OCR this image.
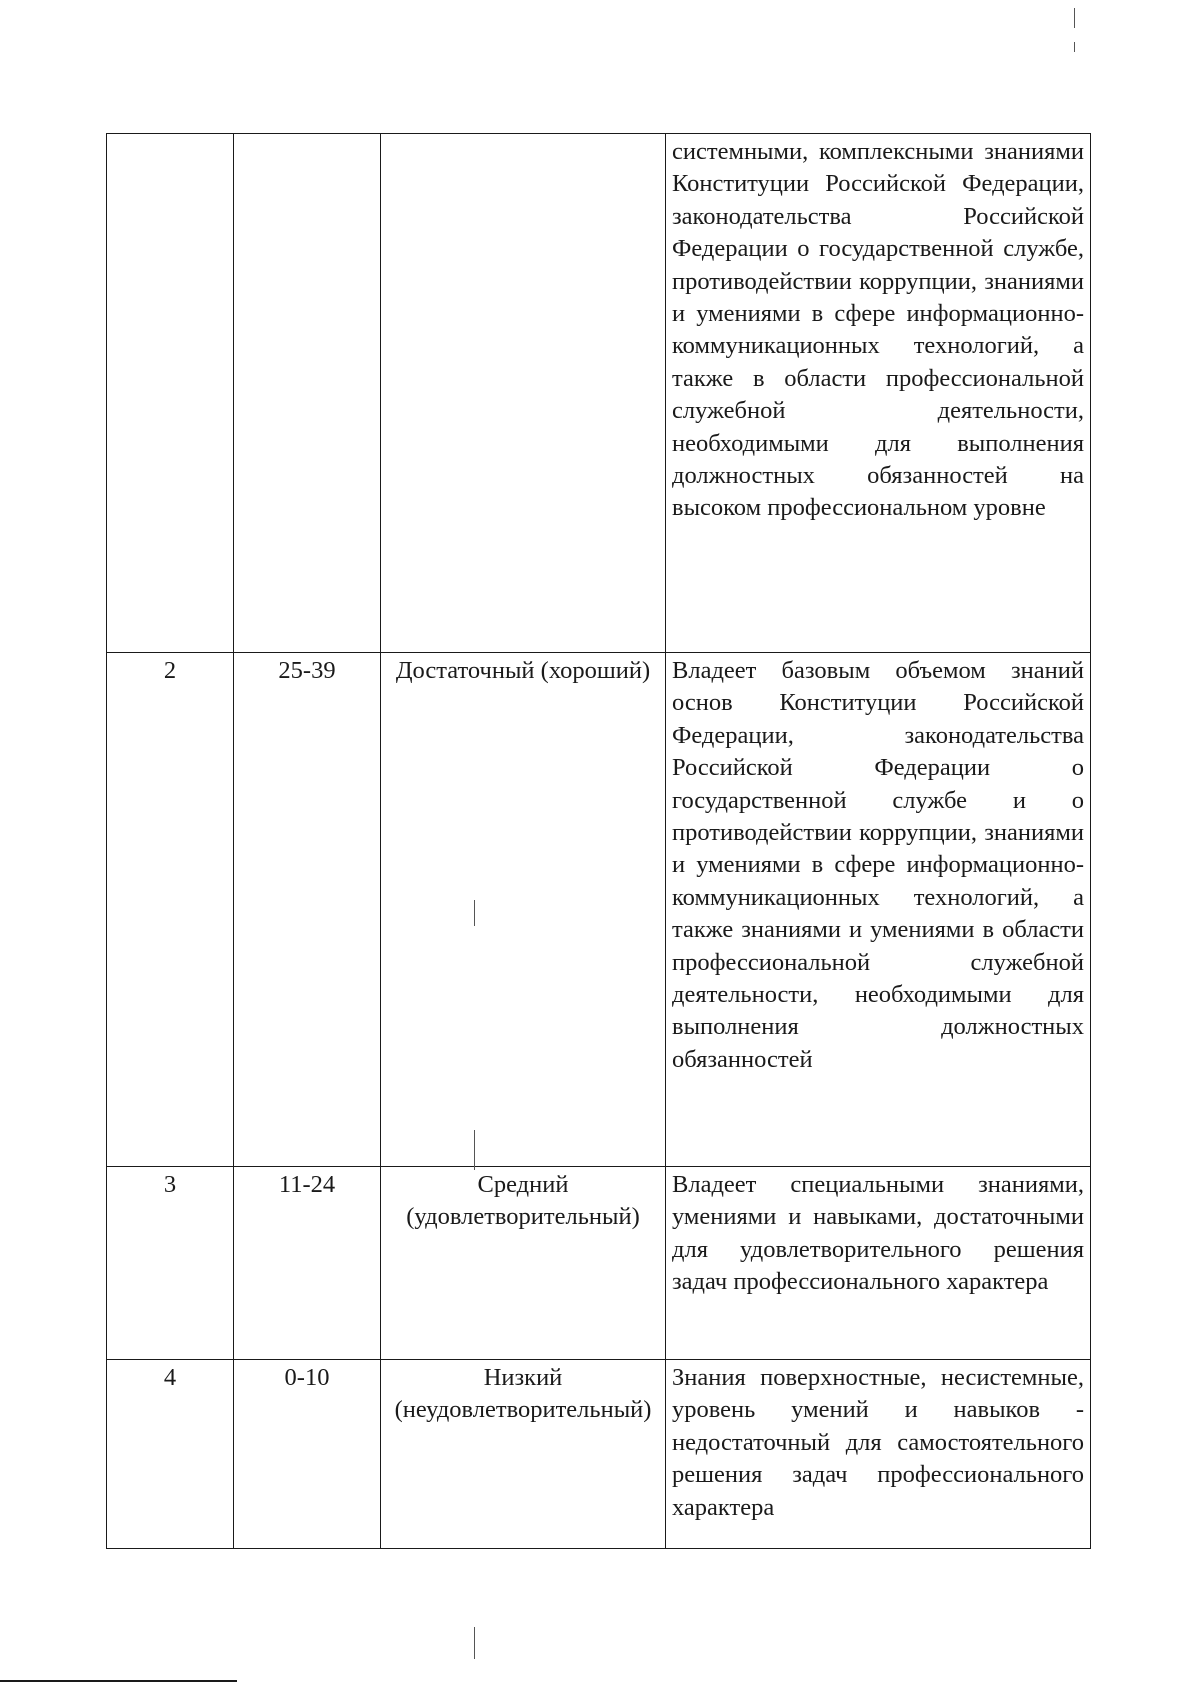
			системными, комплексными знаниями Конституции Российской Федерации, законодательства Российской Федерации о государственной службе, противодействии коррупции, знаниями и умениями в сфере информационно-коммуникационных технологий, а также в области профессиональной служебной деятельности, необходимыми для выполнения должностных обязанностей на высоком профессиональном уровне
2	25-39	Достаточный (хороший)	Владеет базовым объемом знаний основ Конституции Российской Федерации, законодательства Российской Федерации о государственной службе и о противодействии коррупции, знаниями и умениями в сфере информационно-коммуникационных технологий, а также знаниями и умениями в области профессиональной служебной деятельности, необходимыми для выполнения должностных обязанностей
3	11-24	Средний (удовлетворительный)	Владеет специальными знаниями, умениями и навыками, достаточными для удовлетворительного решения задач профессионального характера
4	0-10	Низкий (неудовлетворительный)	Знания поверхностные, несистемные, уровень умений и навыков - недостаточный для самостоятельного решения задач профессионального характера
